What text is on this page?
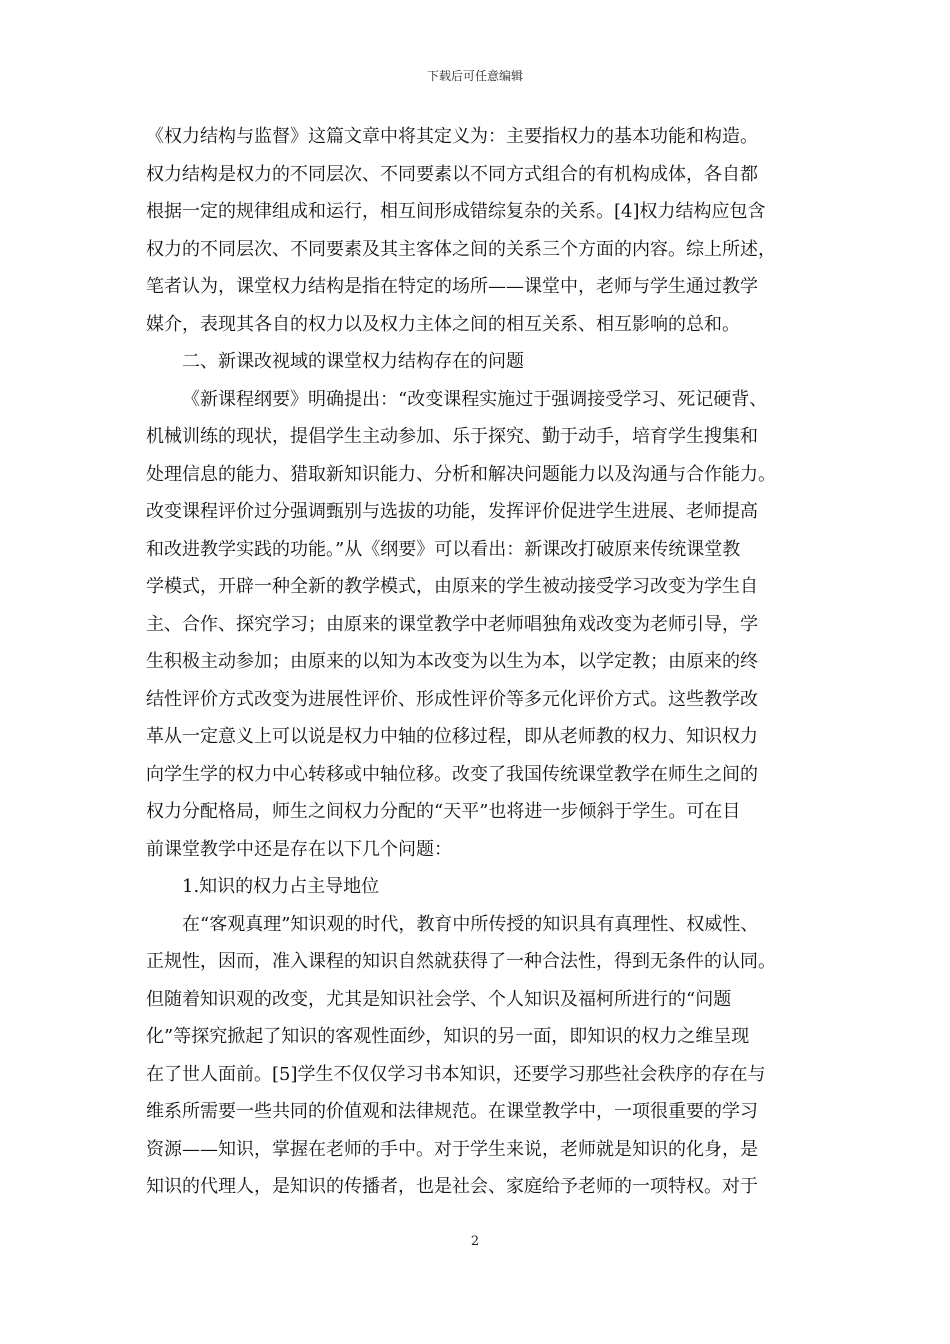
下载后可任意编辑
《权力结构与监督》这篇文章中将其定义为：主要指权力的基本功能和构造。
权力结构是权力的不同层次、不同要素以不同方式组合的有机构成体，各自都
根据一定的规律组成和运行，相互间形成错综复杂的关系。[4]权力结构应包含
权力的不同层次、不同要素及其主客体之间的关系三个方面的内容。综上所述，
笔者认为，课堂权力结构是指在特定的场所——课堂中，老师与学生通过教学
媒介，表现其各自的权力以及权力主体之间的相互关系、相互影响的总和。
二、新课改视域的课堂权力结构存在的问题
《新课程纲要》明确提出：“改变课程实施过于强调接受学习、死记硬背、
机械训练的现状，提倡学生主动参加、乐于探究、勤于动手，培育学生搜集和
处理信息的能力、猎取新知识能力、分析和解决问题能力以及沟通与合作能力。
改变课程评价过分强调甄别与选拔的功能，发挥评价促进学生进展、老师提高
和改进教学实践的功能。”从《纲要》可以看出：新课改打破原来传统课堂教
学模式，开辟一种全新的教学模式，由原来的学生被动接受学习改变为学生自
主、合作、探究学习；由原来的课堂教学中老师唱独角戏改变为老师引导，学
生积极主动参加；由原来的以知为本改变为以生为本，以学定教；由原来的终
结性评价方式改变为进展性评价、形成性评价等多元化评价方式。这些教学改
革从一定意义上可以说是权力中轴的位移过程，即从老师教的权力、知识权力
向学生学的权力中心转移或中轴位移。改变了我国传统课堂教学在师生之间的
权力分配格局，师生之间权力分配的“天平”也将进一步倾斜于学生。可在目
前课堂教学中还是存在以下几个问题：
1.知识的权力占主导地位
在“客观真理”知识观的时代，教育中所传授的知识具有真理性、权威性、
正规性，因而，准入课程的知识自然就获得了一种合法性，得到无条件的认同。
但随着知识观的改变，尤其是知识社会学、个人知识及福柯所进行的“问题
化”等探究掀起了知识的客观性面纱，知识的另一面，即知识的权力之维呈现
在了世人面前。[5]学生不仅仅学习书本知识，还要学习那些社会秩序的存在与
维系所需要一些共同的价值观和法律规范。在课堂教学中，一项很重要的学习
资源——知识，掌握在老师的手中。对于学生来说，老师就是知识的化身，是
知识的代理人，是知识的传播者，也是社会、家庭给予老师的一项特权。对于
2
